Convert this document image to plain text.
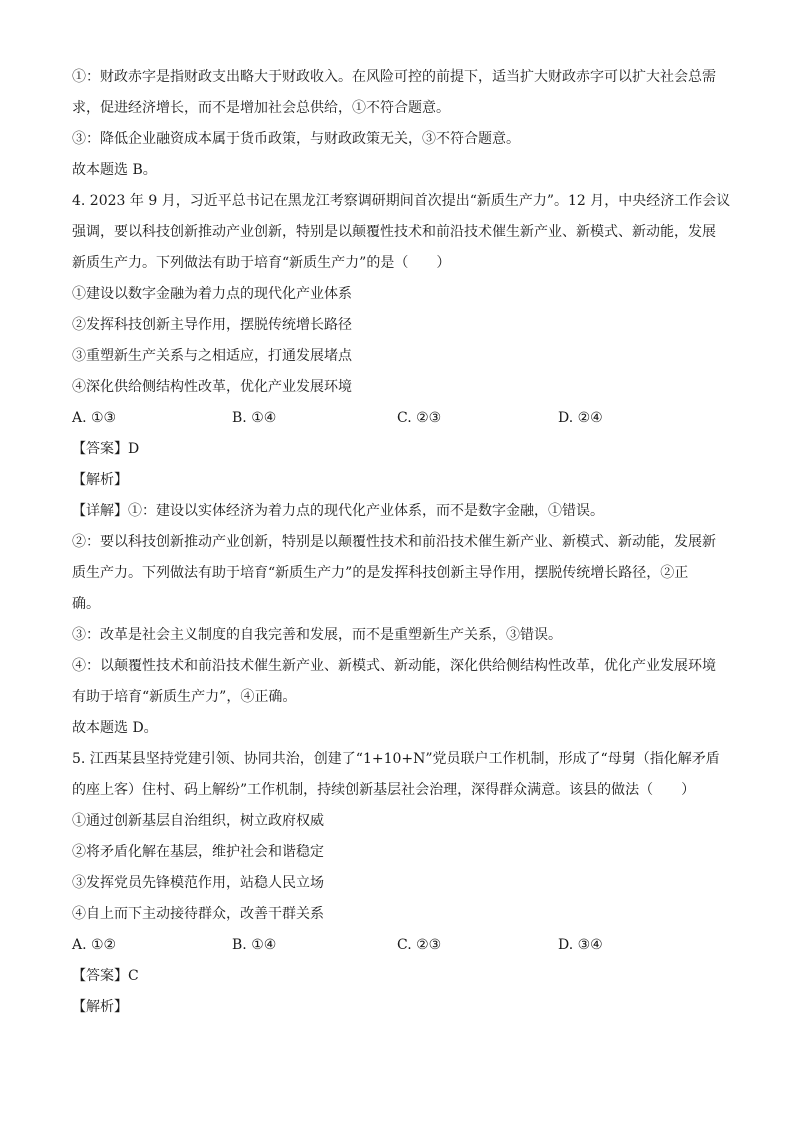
①：财政赤字是指财政支出略大于财政收入。在风险可控的前提下，适当扩大财政赤字可以扩大社会总需
求，促进经济增长，而不是增加社会总供给，①不符合题意。
③：降低企业融资成本属于货币政策，与财政政策无关，③不符合题意。
故本题选 B。
4. 2023 年 9 月，习近平总书记在黑龙江考察调研期间首次提出“新质生产力”。12 月，中央经济工作会议
强调，要以科技创新推动产业创新，特别是以颠覆性技术和前沿技术催生新产业、新模式、新动能，发展
新质生产力。下列做法有助于培育“新质生产力”的是（　　）
①建设以数字金融为着力点的现代化产业体系
②发挥科技创新主导作用，摆脱传统增长路径
③重塑新生产关系与之相适应，打通发展堵点
④深化供给侧结构性改革，优化产业发展环境
A. ①③	B. ①④	C. ②③	D. ②④
【答案】D
【解析】
【详解】①：建设以实体经济为着力点的现代化产业体系，而不是数字金融，①错误。
②：要以科技创新推动产业创新，特别是以颠覆性技术和前沿技术催生新产业、新模式、新动能，发展新
质生产力。下列做法有助于培育“新质生产力”的是发挥科技创新主导作用，摆脱传统增长路径，②正
确。
③：改革是社会主义制度的自我完善和发展，而不是重塑新生产关系，③错误。
④：以颠覆性技术和前沿技术催生新产业、新模式、新动能，深化供给侧结构性改革，优化产业发展环境
有助于培育“新质生产力”，④正确。
故本题选 D。
5. 江西某县坚持党建引领、协同共治，创建了“1+10+N”党员联户工作机制，形成了“母舅（指化解矛盾
的座上客）住村、码上解纷”工作机制，持续创新基层社会治理，深得群众满意。该县的做法（　　）
①通过创新基层自治组织，树立政府权威
②将矛盾化解在基层，维护社会和谐稳定
③发挥党员先锋模范作用，站稳人民立场
④自上而下主动接待群众，改善干群关系
A. ①②	B. ①④	C. ②③	D. ③④
【答案】C
【解析】
